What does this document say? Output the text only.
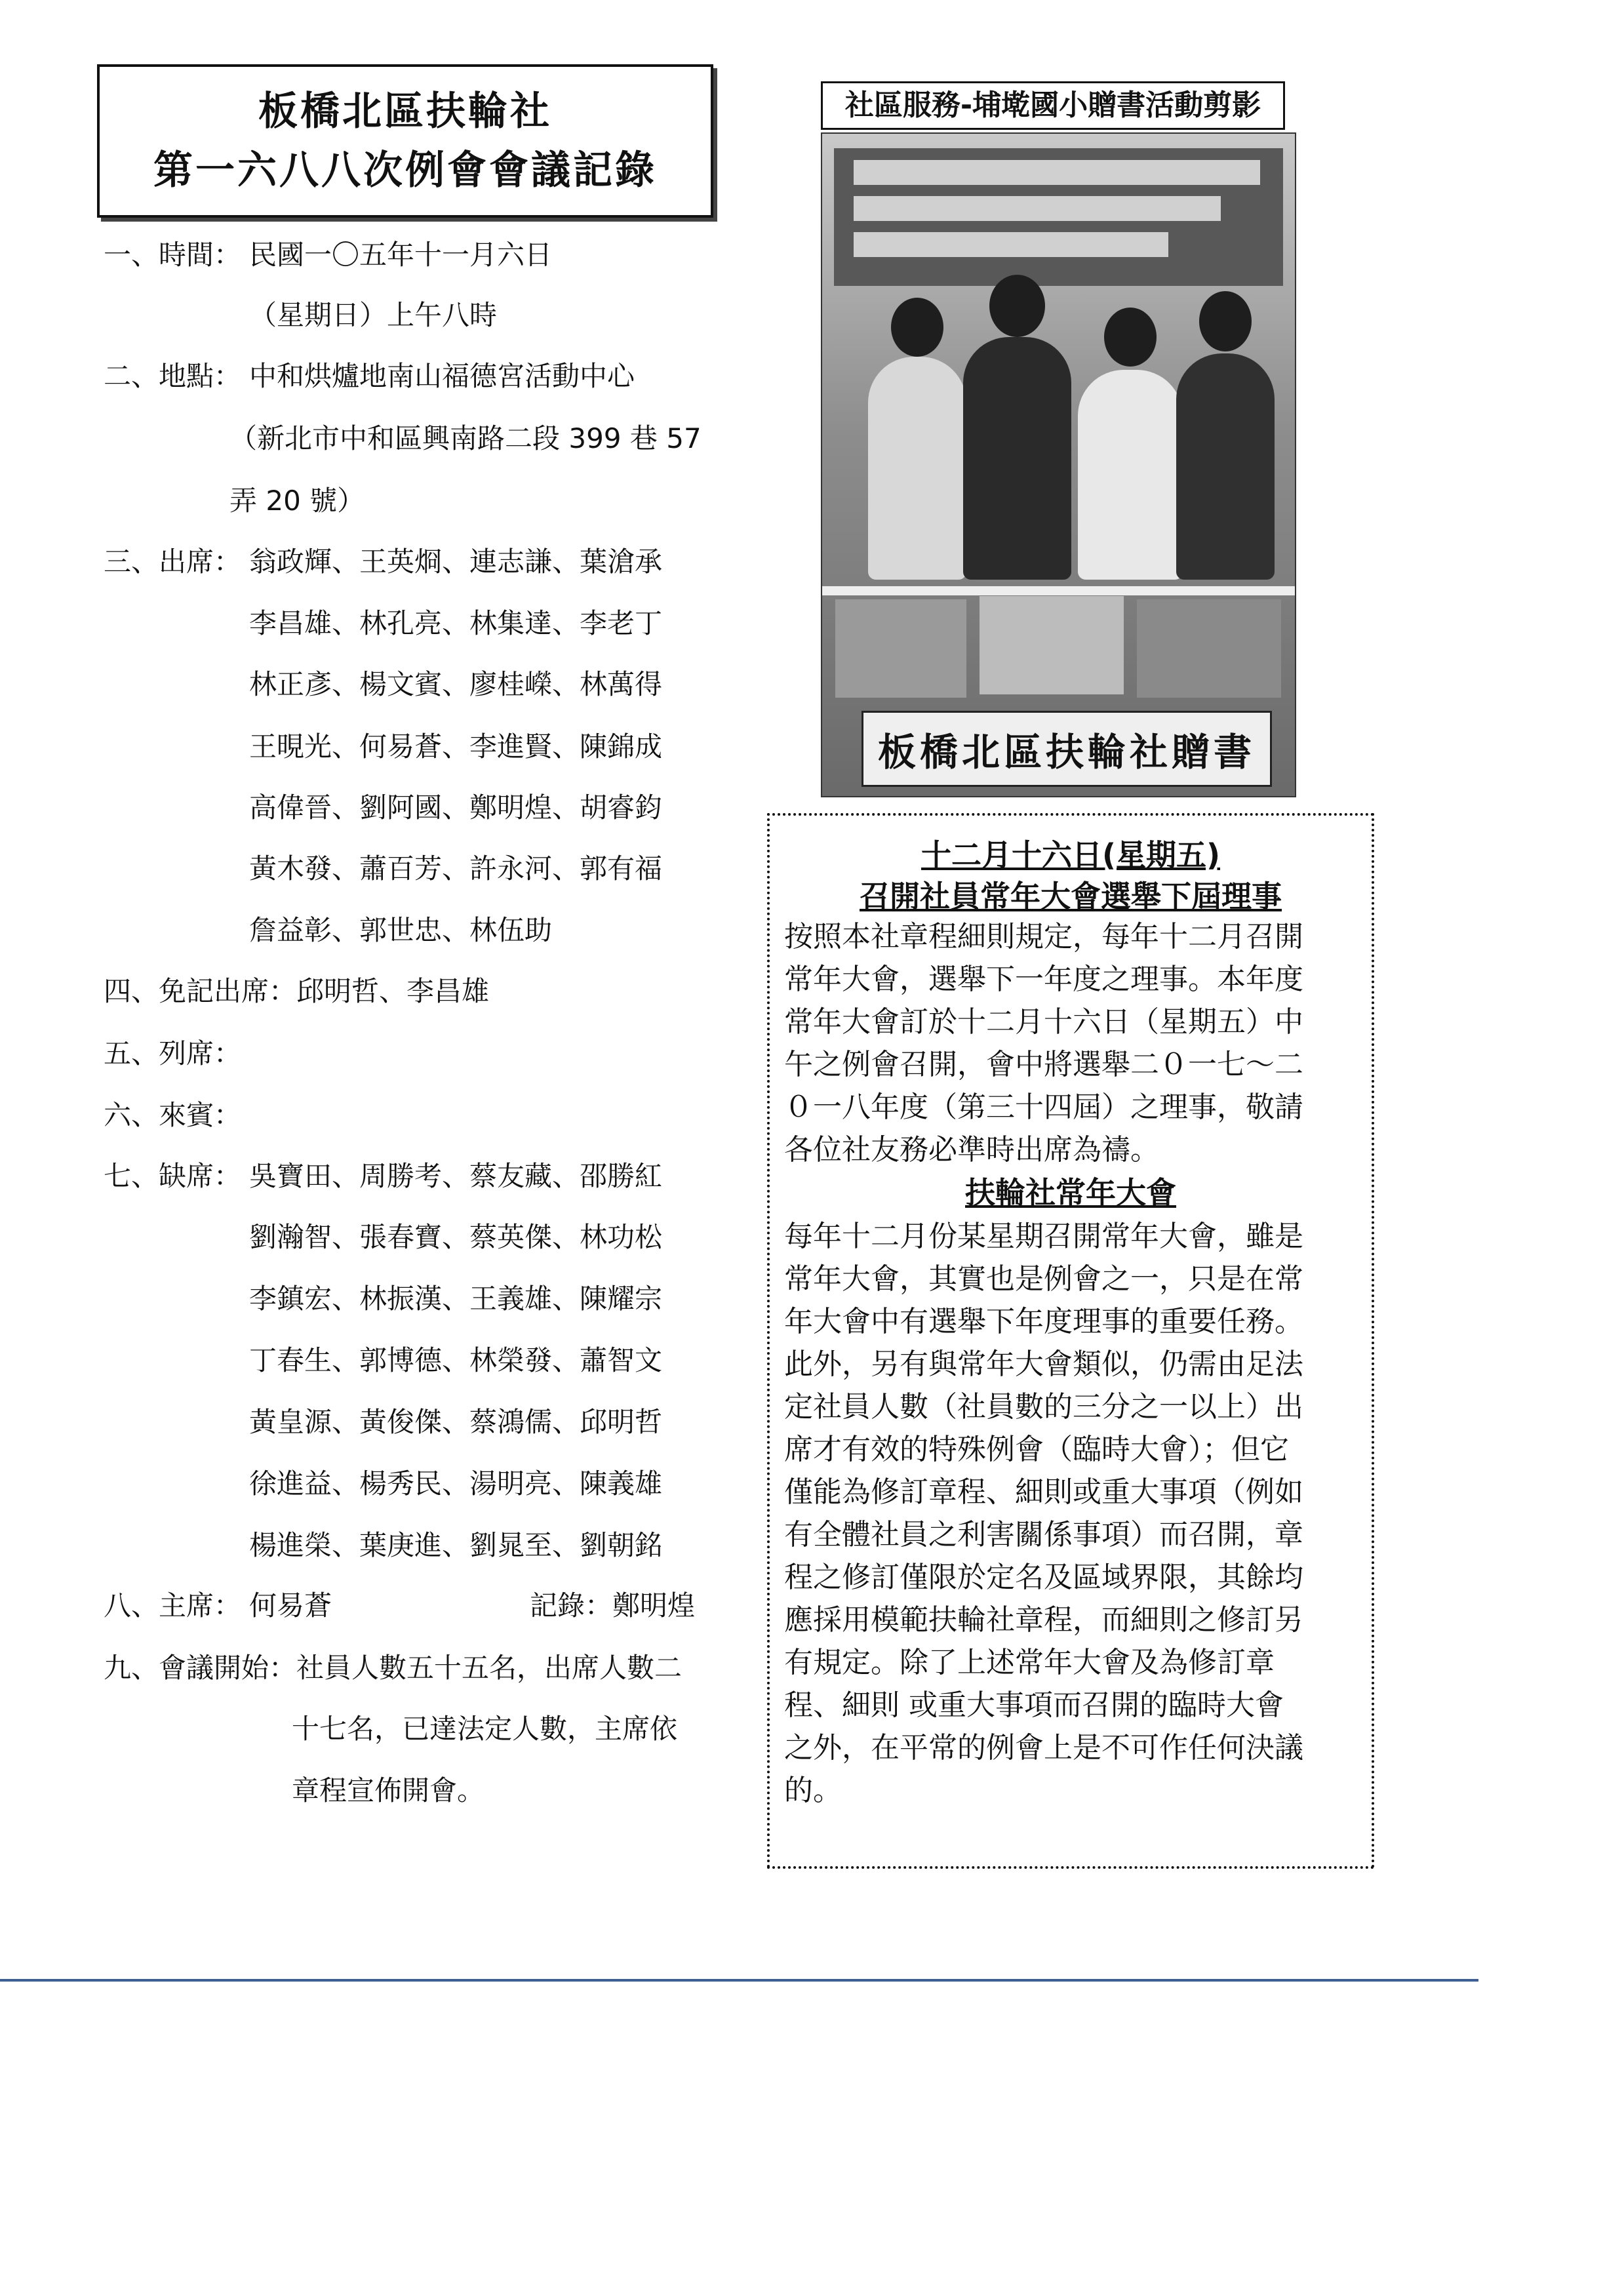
板橋北區扶輪社
第一六八八次例會會議記錄
一、時間： 民國一〇五年十一月六日
（星期日）上午八時
二、地點： 中和烘爐地南山福德宮活動中心
（新北市中和區興南路二段 399 巷 57
弄 20 號）
三、出席： 翁政輝、王英烱、連志謙、葉滄承
李昌雄、林孔亮、林集達、李老丁
林正彥、楊文賓、廖桂嶸、林萬得
王晛光、何易蒼、李進賢、陳錦成
高偉晉、劉阿國、鄭明煌、胡睿鈞
黃木發、蕭百芳、許永河、郭有福
詹益彰、郭世忠、林伍助
四、免記出席：邱明哲、李昌雄
五、列席：
六、來賓：
七、缺席： 吳寶田、周勝考、蔡友藏、邵勝紅
劉瀚智、張春寶、蔡英傑、林功松
李鎮宏、林振漢、王義雄、陳耀宗
丁春生、郭博德、林榮發、蕭智文
黃皇源、黃俊傑、蔡鴻儒、邱明哲
徐進益、楊秀民、湯明亮、陳義雄
楊進榮、葉庚進、劉晁至、劉朝銘
八、主席： 何易蒼	記錄：鄭明煌
九、會議開始：社員人數五十五名，出席人數二
十七名，已達法定人數，主席依
章程宣佈開會。
社區服務-埔墘國小贈書活動剪影
板橋北區扶輪社贈書
十二月十六日(星期五)
召開社員常年大會選舉下屆理事
按照本社章程細則規定，每年十二月召開
常年大會，選舉下一年度之理事。本年度
常年大會訂於十二月十六日（星期五）中
午之例會召開，會中將選舉二０一七～二
０一八年度（第三十四屆）之理事，敬請
各位社友務必準時出席為禱。
扶輪社常年大會
每年十二月份某星期召開常年大會，雖是
常年大會，其實也是例會之一，只是在常
年大會中有選舉下年度理事的重要任務。
此外，另有與常年大會類似，仍需由足法
定社員人數（社員數的三分之一以上）出
席才有效的特殊例會（臨時大會）；但它
僅能為修訂章程、細則或重大事項（例如
有全體社員之利害關係事項）而召開，章
程之修訂僅限於定名及區域界限，其餘均
應採用模範扶輪社章程，而細則之修訂另
有規定。除了上述常年大會及為修訂章
程、細則 或重大事項而召開的臨時大會
之外，在平常的例會上是不可作任何決議
的。
